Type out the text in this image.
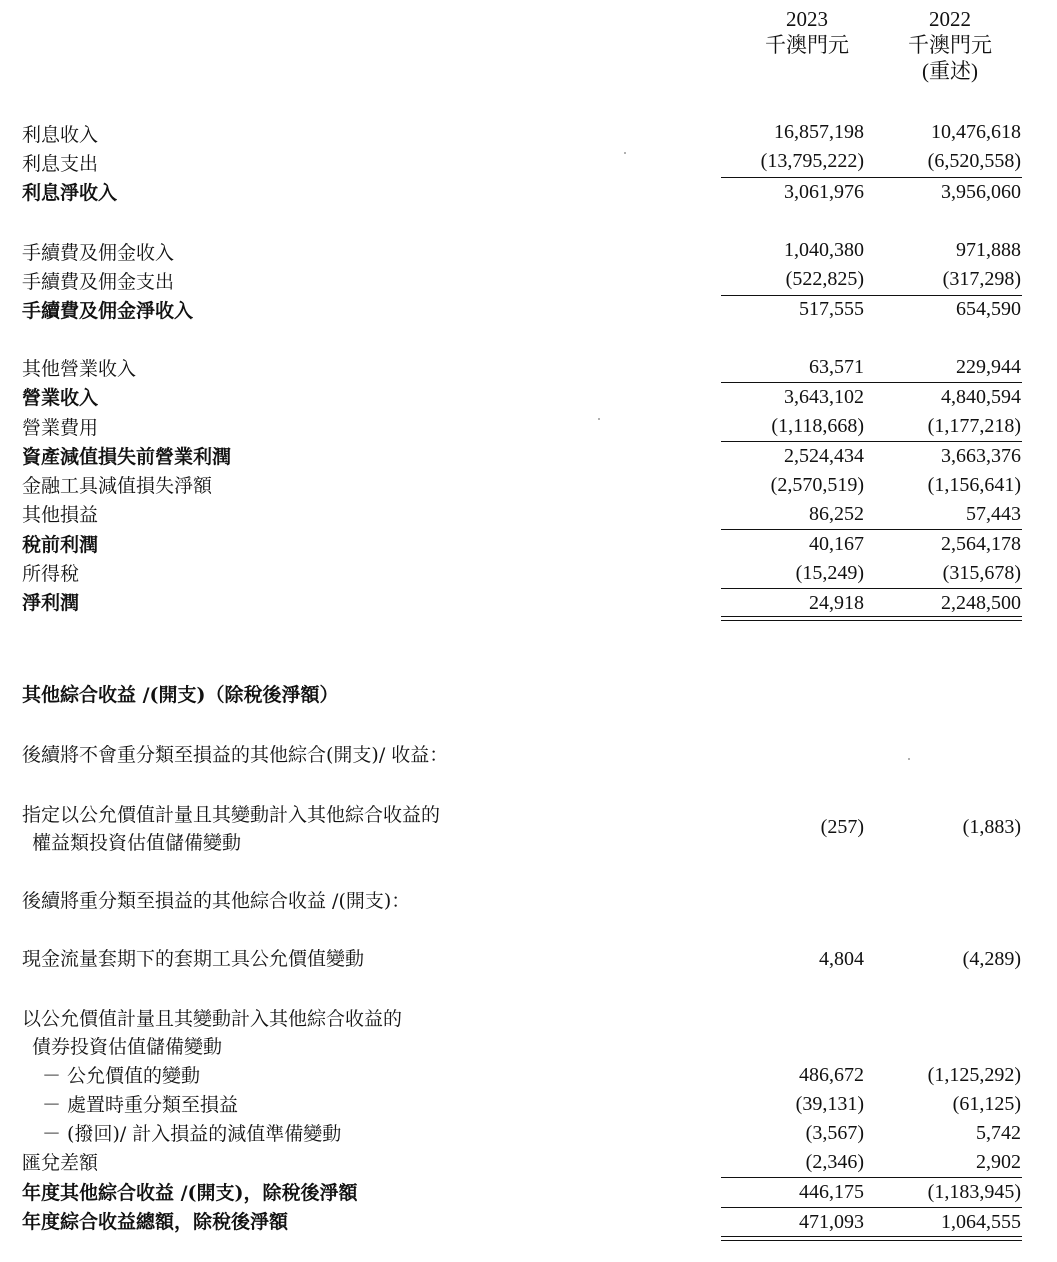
2023
千澳門元
2022
千澳門元
(重述)
利息收入	16,857,198	10,476,618
利息支出	(13,795,222)	(6,520,558)
利息淨收入	3,061,976	3,956,060
手續費及佣金收入	1,040,380	971,888
手續費及佣金支出	(522,825)	(317,298)
手續費及佣金淨收入	517,555	654,590
其他營業收入	63,571	229,944
營業收入	3,643,102	4,840,594
營業費用	(1,118,668)	(1,177,218)
資產減值損失前營業利潤	2,524,434	3,663,376
金融工具減值損失淨額	(2,570,519)	(1,156,641)
其他損益	86,252	57,443
稅前利潤	40,167	2,564,178
所得稅	(15,249)	(315,678)
淨利潤	24,918	2,248,500
其他綜合收益 /(開支)（除稅後淨額）
後續將不會重分類至損益的其他綜合(開支)/ 收益：
指定以公允價值計量且其變動計入其他綜合收益的
權益類投資估值儲備變動
(257)	(1,883)
後續將重分類至損益的其他綜合收益 /(開支)：
現金流量套期下的套期工具公允價值變動	4,804	(4,289)
以公允價值計量且其變動計入其他綜合收益的
債券投資估值儲備變動
－ 公允價值的變動	486,672	(1,125,292)
－ 處置時重分類至損益	(39,131)	(61,125)
－ (撥回)/ 計入損益的減值準備變動	(3,567)	5,742
匯兌差額	(2,346)	2,902
年度其他綜合收益 /(開支)，除稅後淨額	446,175	(1,183,945)
年度綜合收益總額，除稅後淨額	471,093	1,064,555
